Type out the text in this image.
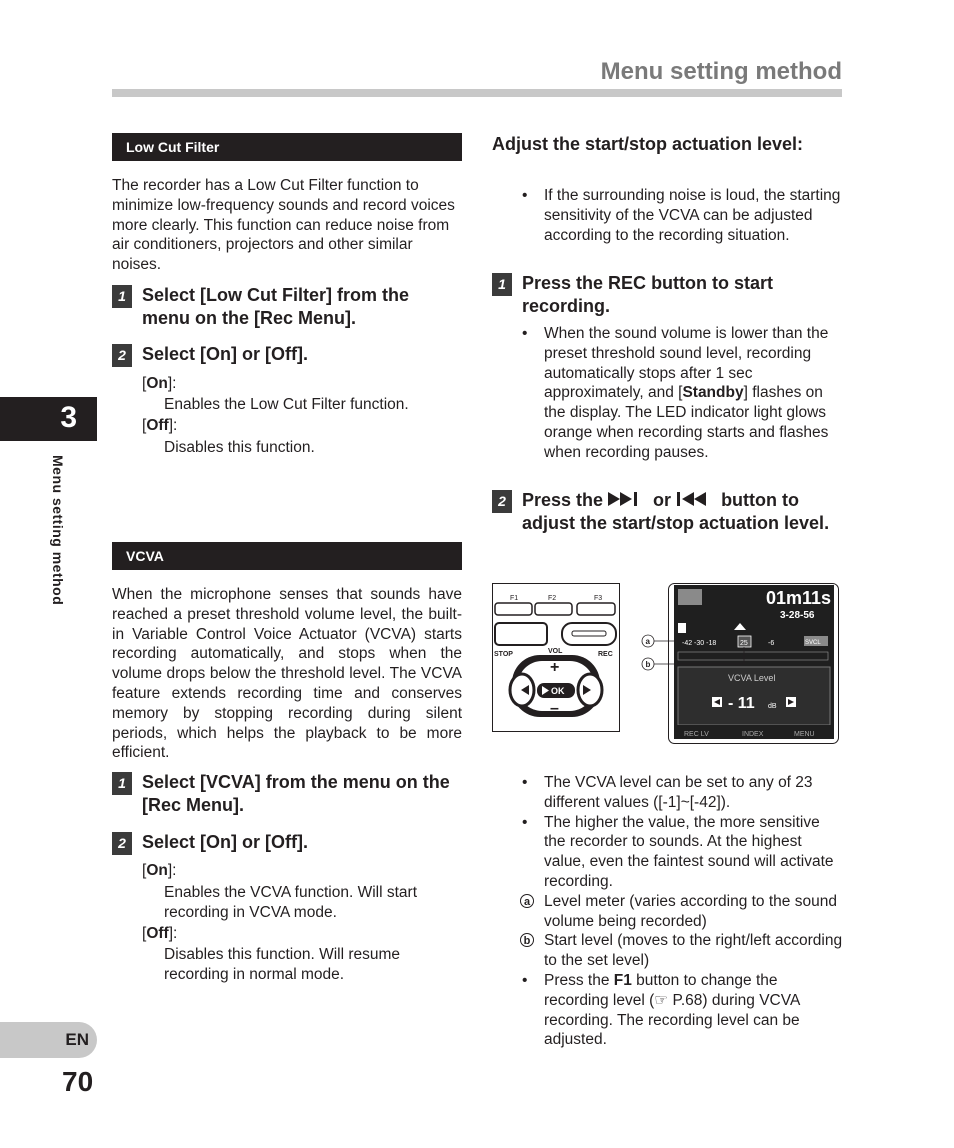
Menu setting method
3
Menu setting method
EN
70
Low Cut Filter

The recorder has a Low Cut Filter function to minimize low-frequency sounds and record voices more clearly. This function can reduce noise from air conditioners, projectors and other similar noises.

1 Select [Low Cut Filter] from the menu on the [Rec Menu].
2 Select [On] or [Off].
[On]:

Enables the Low Cut Filter function.

[Off]:

Disables this function.

VCVA

When the microphone senses that sounds have reached a preset threshold volume level, the built-in Variable Control Voice Actuator (VCVA) starts recording automatically, and stops when the volume drops below the threshold level. The VCVA feature extends recording time and conserves memory by stopping recording during silent periods, which helps the playback to be more efficient.

1 Select [VCVA] from the menu on the [Rec Menu].
2 Select [On] or [Off].
[On]:

Enables the VCVA function. Will start recording in VCVA mode.

[Off]:

Disables this function. Will resume recording in normal mode.

Adjust the start/stop actuation level:

• If the surrounding noise is loud, the starting sensitivity of the VCVA can be adjusted according to the recording situation.
1 Press the REC button to start recording.
• When the sound volume is lower than the preset threshold sound level, recording automatically stops after 1 sec approximately, and [Standby] flashes on the display. The LED indicator light glows orange when recording starts and flashes when recording pauses.
2 Press the  or  button to adjust the start/stop actuation level.
F1	F2	F3
STOP	VOL	REC
+
–
OK
01m11s
3-28-56
-42 -30 -18	25	-6	SVCL
VCVA Level
- 11 dB
REC LV	INDEX	MENU
a
b
• The VCVA level can be set to any of 23 different values ([-1]~[-42]).
• The higher the value, the more sensitive the recorder to sounds. At the highest value, even the faintest sound will activate recording.
a Level meter (varies according to the sound volume being recorded)
b Start level (moves to the right/left according to the set level)
• Press the F1 button to change the recording level (☞ P.68) during VCVA recording. The recording level can be adjusted.
